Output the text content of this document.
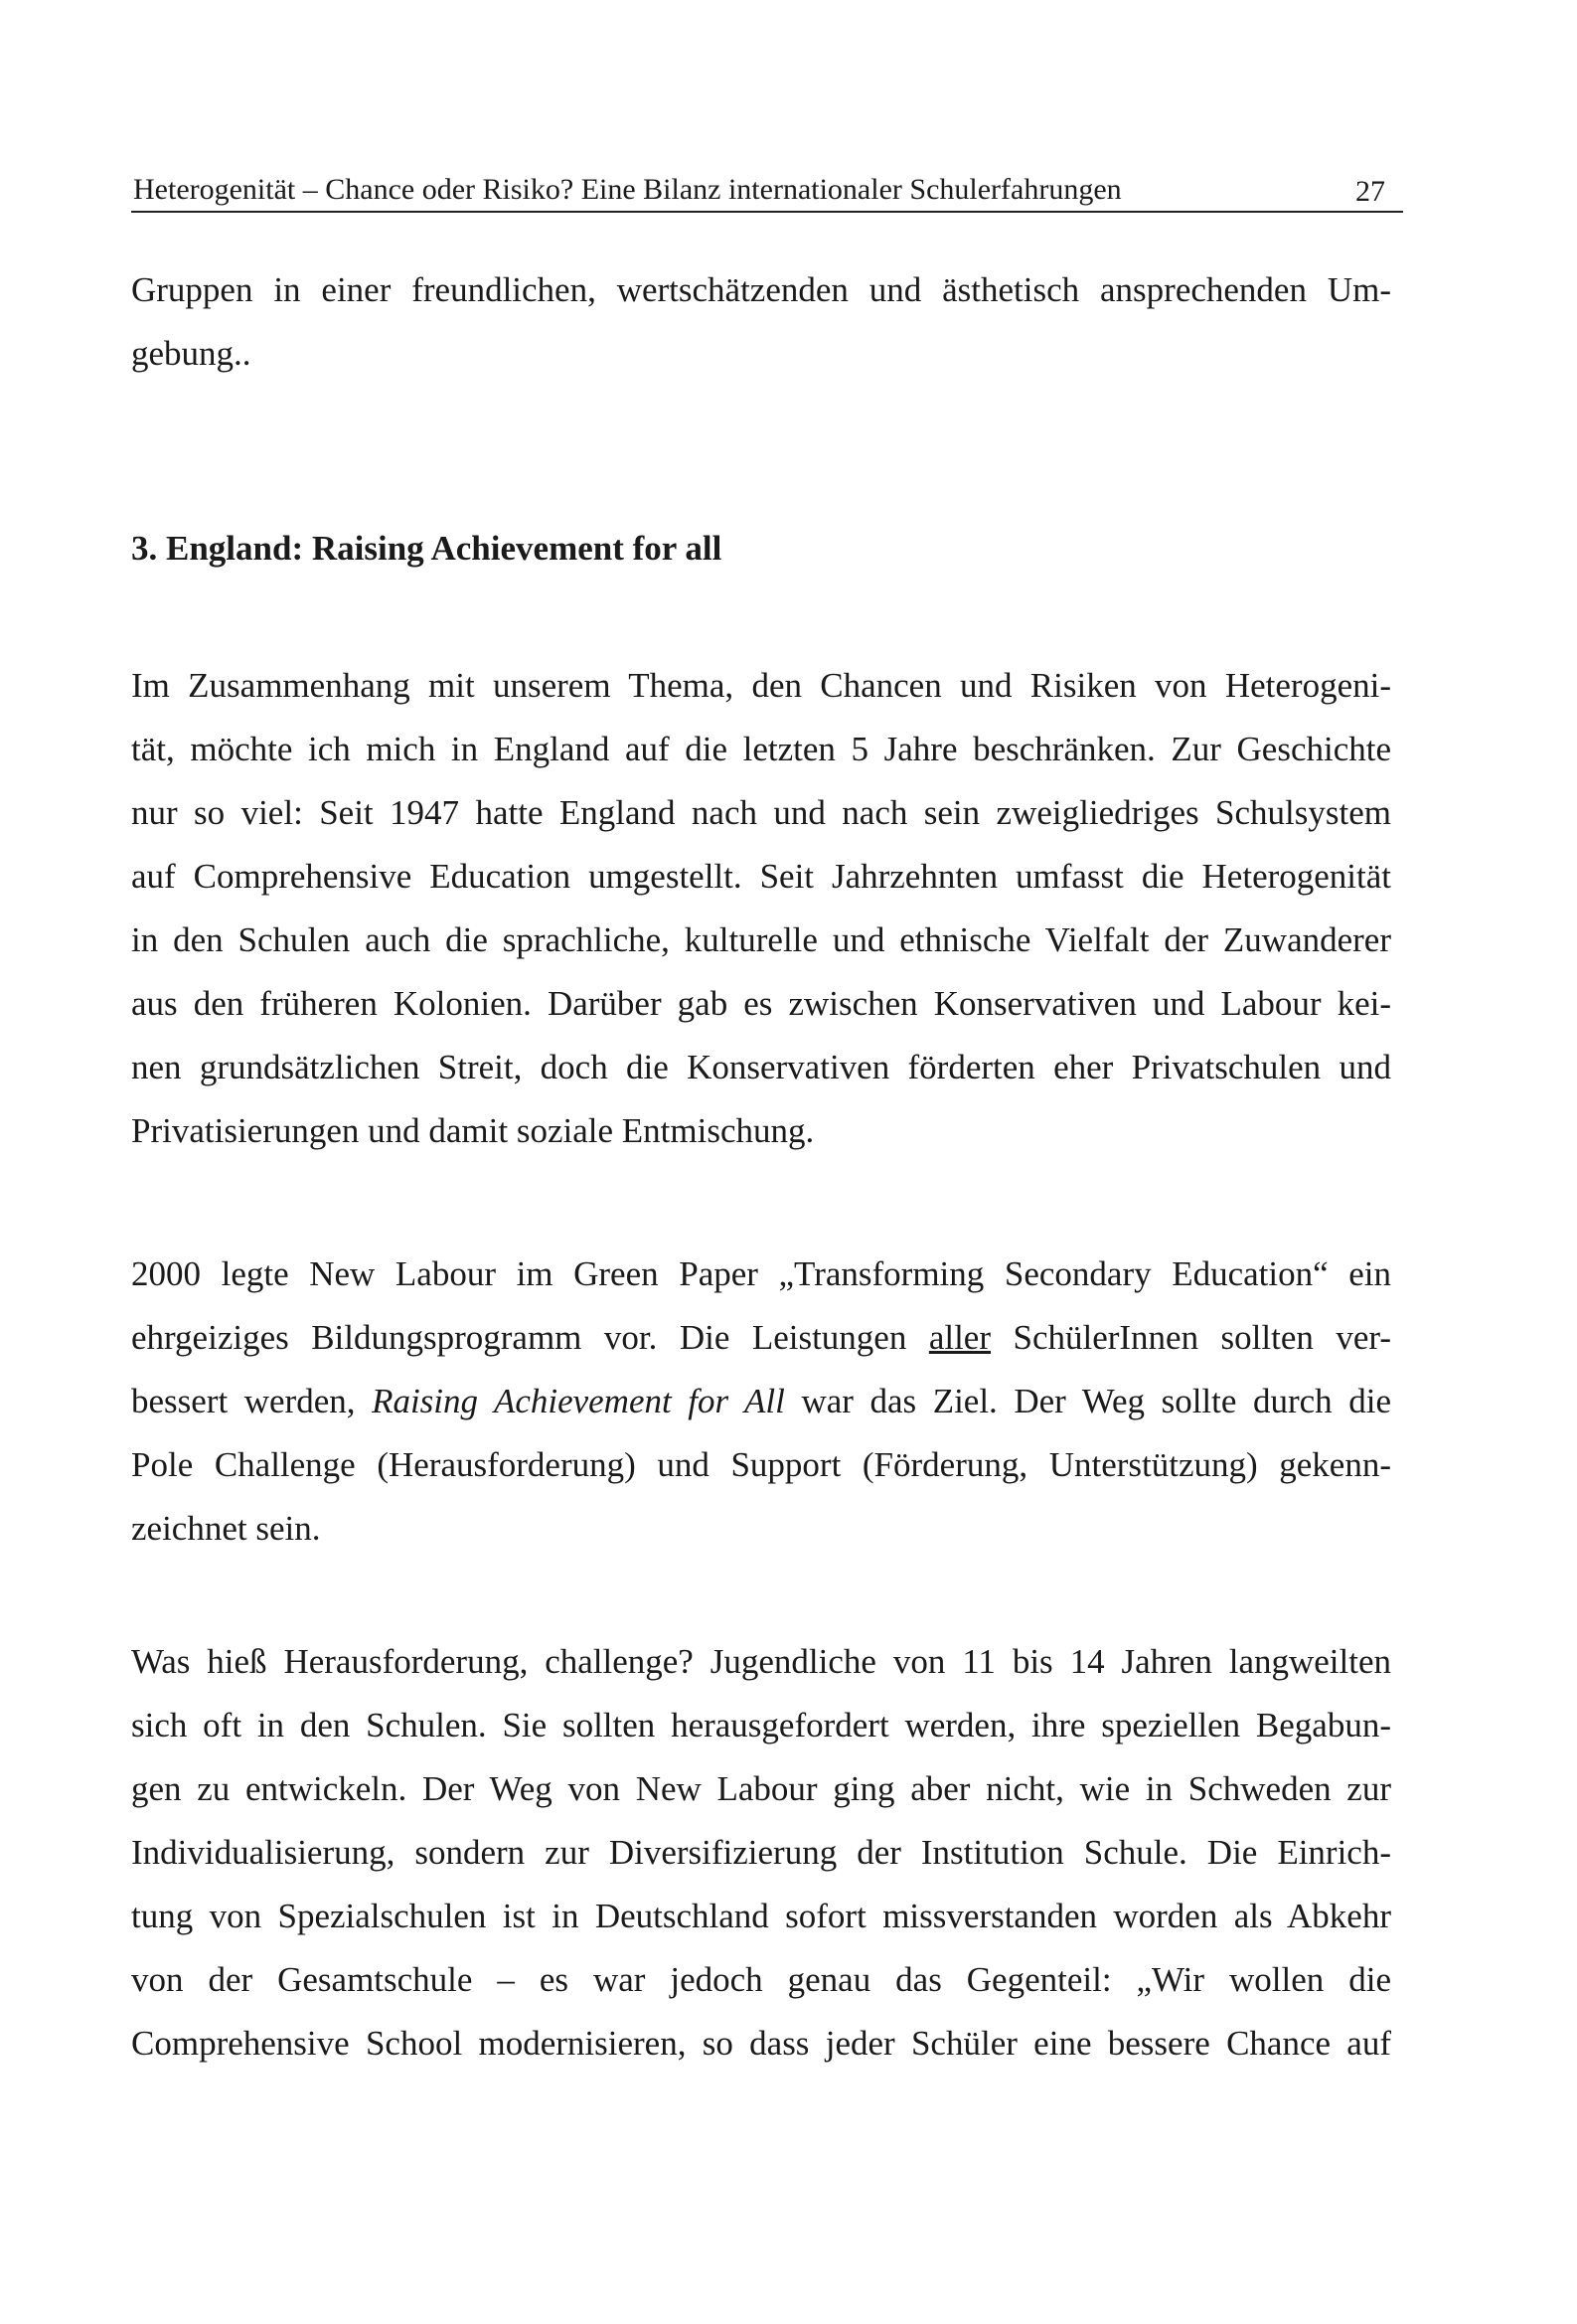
Heterogenität – Chance oder Risiko? Eine Bilanz internationaler Schulerfahrungen	27
Gruppen in einer freundlichen, wertschätzenden und ästhetisch ansprechenden Um-
gebung..
3. England: Raising Achievement for all
Im Zusammenhang mit unserem Thema, den Chancen und Risiken von Heterogeni-
tät, möchte ich mich in England auf die letzten 5 Jahre beschränken. Zur Geschichte
nur so viel: Seit 1947 hatte England nach und nach sein zweigliedriges Schulsystem
auf Comprehensive Education umgestellt. Seit Jahrzehnten umfasst die Heterogenität
in den Schulen auch die sprachliche, kulturelle und ethnische Vielfalt der Zuwanderer
aus den früheren Kolonien. Darüber gab es zwischen Konservativen und Labour kei-
nen grundsätzlichen Streit, doch die Konservativen förderten eher Privatschulen und
Privatisierungen und damit soziale Entmischung.
2000 legte New Labour im Green Paper „Transforming Secondary Education“ ein
ehrgeiziges Bildungsprogramm vor. Die Leistungen aller SchülerInnen sollten ver-
bessert werden, Raising Achievement for All war das Ziel. Der Weg sollte durch die
Pole Challenge (Herausforderung) und Support (Förderung, Unterstützung) gekenn-
zeichnet sein.
Was hieß Herausforderung, challenge? Jugendliche von 11 bis 14 Jahren langweilten
sich oft in den Schulen. Sie sollten herausgefordert werden, ihre speziellen Begabun-
gen zu entwickeln. Der Weg von New Labour ging aber nicht, wie in Schweden zur
Individualisierung, sondern zur Diversifizierung der Institution Schule. Die Einrich-
tung von Spezialschulen ist in Deutschland sofort missverstanden worden als Abkehr
von der Gesamtschule – es war jedoch genau das Gegenteil: „Wir wollen die
Comprehensive School modernisieren, so dass jeder Schüler eine bessere Chance auf
